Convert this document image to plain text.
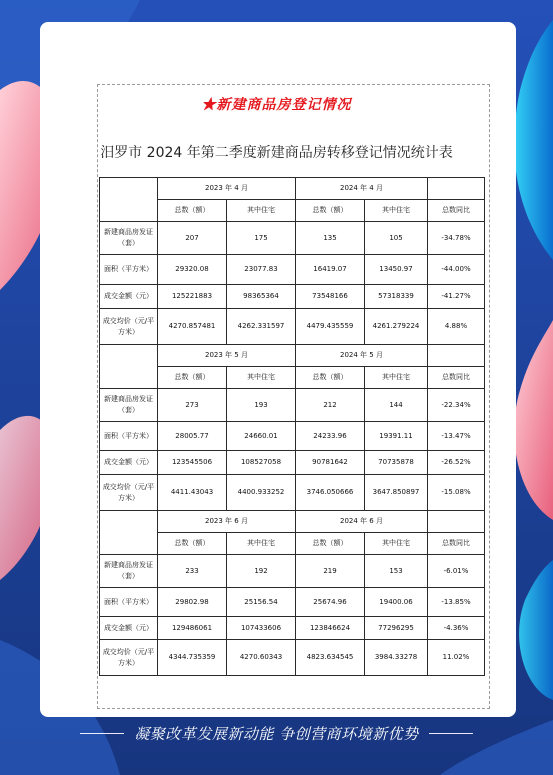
★新建商品房登记情况
汨罗市 2024 年第二季度新建商品房转移登记情况统计表
	2023 年 4 月		2024 年 4 月		
	总数（额）	其中住宅	总数（额）	其中住宅	总数同比
新建商品房发证（套）	207	175	135	105	-34.78%
面积（平方米）	29320.08	23077.83	16419.07	13450.97	-44.00%
成交金额（元）	125221883	98365364	73548166	57318339	-41.27%
成交均价（元/平方米）	4270.857481	4262.331597	4479.435559	4261.279224	4.88%
	2023 年 5 月		2024 年 5 月		
	总数（额）	其中住宅	总数（额）	其中住宅	总数同比
新建商品房发证（套）	273	193	212	144	-22.34%
面积（平方米）	28005.77	24660.01	24233.96	19391.11	-13.47%
成交金额（元）	123545506	108527058	90781642	70735878	-26.52%
成交均价（元/平方米）	4411.43043	4400.933252	3746.050666	3647.850897	-15.08%
	2023 年 6 月		2024 年 6 月		
	总数（额）	其中住宅	总数（额）	其中住宅	总数同比
新建商品房发证（套）	233	192	219	153	-6.01%
面积（平方米）	29802.98	25156.54	25674.96	19400.06	-13.85%
成交金额（元）	129486061	107433606	123846624	77296295	-4.36%
成交均价（元/平方米）	4344.735359	4270.60343	4823.634545	3984.33278	11.02%
凝聚改革发展新动能 争创营商环境新优势
